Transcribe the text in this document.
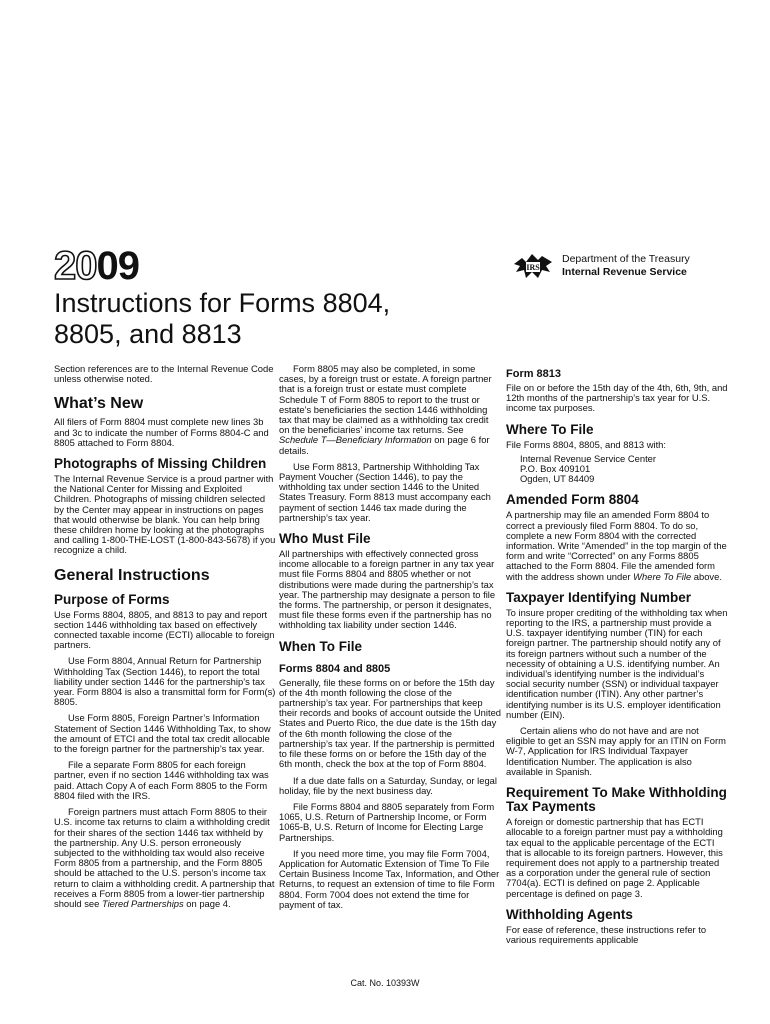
2009	IRS
Department of the Treasury
Internal Revenue Service
Instructions for Forms 8804,
8805, and 8813

Section references are to the Internal Revenue Code unless otherwise noted.

What’s New

All filers of Form 8804 must complete new lines 3b and 3c to indicate the number of Forms 8804-C and 8805 attached to Form 8804.

Photographs of Missing Children

The Internal Revenue Service is a proud partner with the National Center for Missing and Exploited Children. Photographs of missing children selected by the Center may appear in instructions on pages that would otherwise be blank. You can help bring these children home by looking at the photographs and calling 1-800-THE-LOST (1-800-843-5678) if you recognize a child.

General Instructions
Purpose of Forms

Use Forms 8804, 8805, and 8813 to pay and report section 1446 withholding tax based on effectively connected taxable income (ECTI) allocable to foreign partners.

Use Form 8804, Annual Return for Partnership Withholding Tax (Section 1446), to report the total liability under section 1446 for the partnership’s tax year. Form 8804 is also a transmittal form for Form(s) 8805.

Use Form 8805, Foreign Partner’s Information Statement of Section 1446 Withholding Tax, to show the amount of ETCI and the total tax credit allocable to the foreign partner for the partnership’s tax year.

File a separate Form 8805 for each foreign partner, even if no section 1446 withholding tax was paid. Attach Copy A of each Form 8805 to the Form 8804 filed with the IRS.

Foreign partners must attach Form 8805 to their U.S. income tax returns to claim a withholding credit for their shares of the section 1446 tax withheld by the partnership. Any U.S. person erroneously subjected to the withholding tax would also receive Form 8805 from a partnership, and the Form 8805 should be attached to the U.S. person’s income tax return to claim a withholding credit. A partnership that receives a Form 8805 from a lower-tier partnership should see Tiered Partnerships on page 4.

Form 8805 may also be completed, in some cases, by a foreign trust or estate. A foreign partner that is a foreign trust or estate must complete Schedule T of Form 8805 to report to the trust or estate’s beneficiaries the section 1446 withholding tax that may be claimed as a withholding tax credit on the beneficiaries’ income tax returns. See Schedule T—Beneficiary Information on page 6 for details.

Use Form 8813, Partnership Withholding Tax Payment Voucher (Section 1446), to pay the withholding tax under section 1446 to the United States Treasury. Form 8813 must accompany each payment of section 1446 tax made during the partnership’s tax year.

Who Must File

All partnerships with effectively connected gross income allocable to a foreign partner in any tax year must file Forms 8804 and 8805 whether or not distributions were made during the partnership’s tax year. The partnership may designate a person to file the forms. The partnership, or person it designates, must file these forms even if the partnership has no withholding tax liability under section 1446.

When To File
Forms 8804 and 8805

Generally, file these forms on or before the 15th day of the 4th month following the close of the partnership’s tax year. For partnerships that keep their records and books of account outside the United States and Puerto Rico, the due date is the 15th day of the 6th month following the close of the partnership’s tax year. If the partnership is permitted to file these forms on or before the 15th day of the 6th month, check the box at the top of Form 8804.

If a due date falls on a Saturday, Sunday, or legal holiday, file by the next business day.

File Forms 8804 and 8805 separately from Form 1065, U.S. Return of Partnership Income, or Form 1065-B, U.S. Return of Income for Electing Large Partnerships.

If you need more time, you may file Form 7004, Application for Automatic Extension of Time To File Certain Business Income Tax, Information, and Other Returns, to request an extension of time to file Form 8804. Form 7004 does not extend the time for payment of tax.

Form 8813

File on or before the 15th day of the 4th, 6th, 9th, and 12th months of the partnership’s tax year for U.S. income tax purposes.

Where To File

File Forms 8804, 8805, and 8813 with:

Internal Revenue Service Center
P.O. Box 409101
Ogden, UT 84409
Amended Form 8804

A partnership may file an amended Form 8804 to correct a previously filed Form 8804. To do so, complete a new Form 8804 with the corrected information. Write “Amended” in the top margin of the form and write “Corrected” on any Forms 8805 attached to the Form 8804. File the amended form with the address shown under Where To File above.

Taxpayer Identifying Number

To insure proper crediting of the withholding tax when reporting to the IRS, a partnership must provide a U.S. taxpayer identifying number (TIN) for each foreign partner. The partnership should notify any of its foreign partners without such a number of the necessity of obtaining a U.S. identifying number. An individual’s identifying number is the individual’s social security number (SSN) or individual taxpayer identification number (ITIN). Any other partner’s identifying number is its U.S. employer identification number (EIN).

Certain aliens who do not have and are not eligible to get an SSN may apply for an ITIN on Form W-7, Application for IRS Individual Taxpayer Identification Number. The application is also available in Spanish.

Requirement To Make Withholding Tax Payments

A foreign or domestic partnership that has ECTI allocable to a foreign partner must pay a withholding tax equal to the applicable percentage of the ECTI that is allocable to its foreign partners. However, this requirement does not apply to a partnership treated as a corporation under the general rule of section 7704(a). ECTI is defined on page 2. Applicable percentage is defined on page 3.

Withholding Agents

For ease of reference, these instructions refer to various requirements applicable

Cat. No. 10393W
